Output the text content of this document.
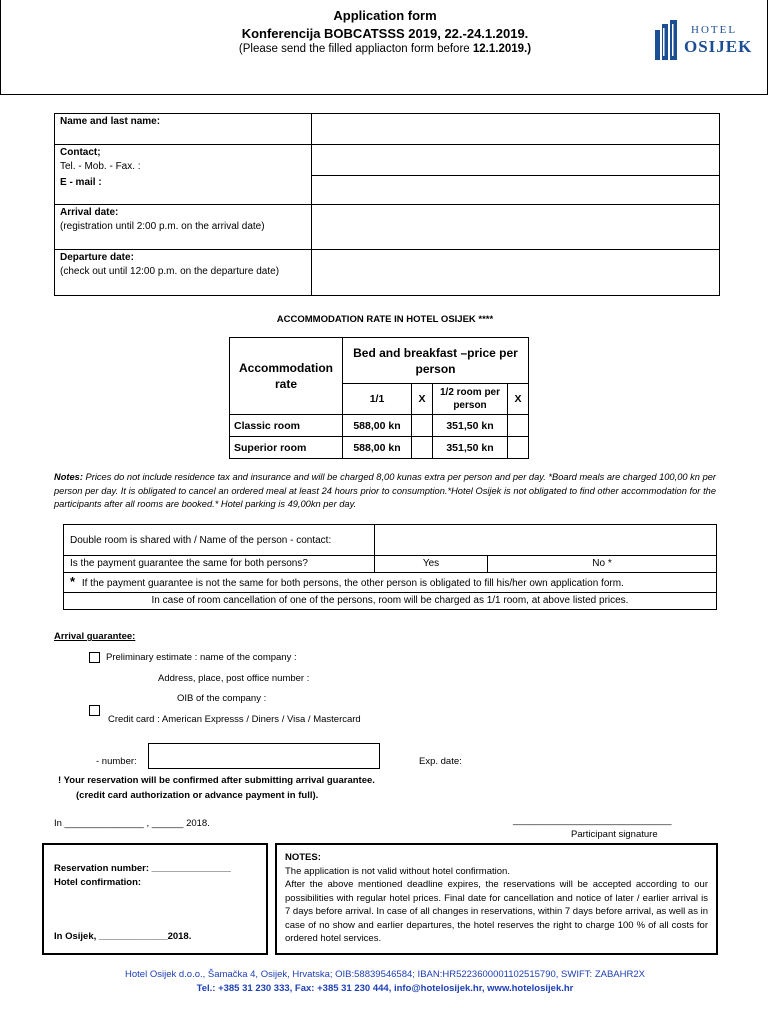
Application form
Konferencija BOBCATSSS 2019, 22.-24.1.2019.
(Please send the filled appliacton form before 12.1.2019.)
HOTEL
OSIJEK
Name and last name:	

Contact;
Tel. - Mob. - Fax. :	

E - mail :	

Arrival date:
(registration until 2:00 p.m. on the arrival date)	

Departure date:
(check out until 12:00 p.m. on the departure date)	

ACCOMMODATION RATE IN HOTEL OSIJEK ****
Accommodation rate	Bed and breakfast –price per person			
	1/1	X	1/2 room per person	X
Classic room	588,00 kn		351,50 kn	
Superior room	588,00 kn		351,50 kn	
Notes: Prices do not include residence tax and insurance and will be charged 8,00 kunas extra per person and per day. *Board meals are charged 100,00 kn per person per day. It is obligated to cancel an ordered meal at least 24 hours prior to consumption.*Hotel Osijek is not obligated to find other accommodation for the participants after all rooms are booked.* Hotel parking is 49,00kn per day.
Double room is shared with / Name of the person - contact:		
Is the payment guarantee the same for both persons?	Yes	No *
* If the payment guarantee is not the same for both persons, the other person is obligated to fill his/her own application form.		
In case of room cancellation of one of the persons, room will be charged as 1/1 room, at above listed prices.		
Arrival guarantee:
Preliminary estimate : name of the company :
Address, place, post office number :
OIB of the company :
Credit card : American Expresss / Diners / Visa / Mastercard
- number:	Exp. date:
! Your reservation will be confirmed after submitting arrival guarantee.
(credit card authorization or advance payment in full).
In _______________ , ______ 2018.	______________________________
Participant signature
Reservation number: _______________
Hotel confirmation:
In Osijek, _____________2018.

NOTES:

The application is not valid without hotel confirmation.

After the above mentioned deadline expires, the reservations will be accepted according to our possibilities with regular hotel prices. Final date for cancellation and notice of later / earlier arrival is 7 days before arrival. In case of all changes in reservations, within 7 days before arrival, as well as in case of no show and earlier departures, the hotel reserves the right to charge 100 % of all costs for ordered hotel services.

Hotel Osijek d.o.o., Šamačka 4, Osijek, Hrvatska; OIB:58839546584; IBAN:HR5223600001102515790, SWIFT: ZABAHR2X
Tel.: +385 31 230 333, Fax: +385 31 230 444, info@hotelosijek.hr, www.hotelosijek.hr
